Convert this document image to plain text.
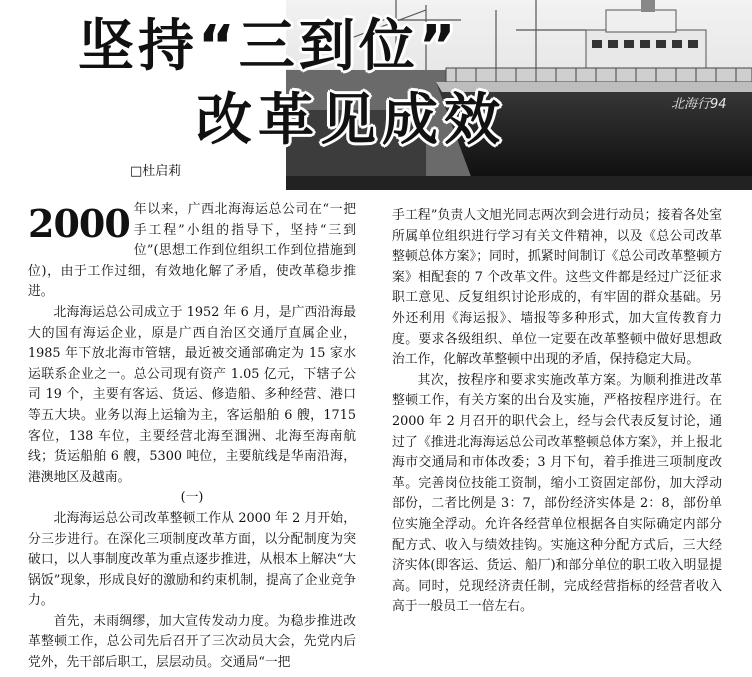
北海行94
坚持“三到位”
改革见成效
□杜启莉

2000 年以来，广西北海海运总公司在“一把手工程”小组的指导下，坚持“三到位”(思想工作到位组织工作到位措施到位)，由于工作过细，有效地化解了矛盾，使改革稳步推进。

北海海运总公司成立于 1952 年 6 月，是广西沿海最大的国有海运企业，原是广西自治区交通厅直属企业，1985 年下放北海市管辖，最近被交通部确定为 15 家水运联系企业之一。总公司现有资产 1.05 亿元，下辖子公司 19 个，主要有客运、货运、修造船、多种经营、港口等五大块。业务以海上运输为主，客运船舶 6 艘，1715 客位，138 车位，主要经营北海至涠洲、北海至海南航线；货运船舶 6 艘，5300 吨位，主要航线是华南沿海，港澳地区及越南。

(一)

北海海运总公司改革整顿工作从 2000 年 2 月开始，分三步进行。在深化三项制度改革方面，以分配制度为突破口，以人事制度改革为重点逐步推进，从根本上解决“大锅饭”现象，形成良好的激励和约束机制，提高了企业竞争力。

首先，未雨绸缪，加大宣传发动力度。为稳步推进改革整顿工作，总公司先后召开了三次动员大会，先党内后党外，先干部后职工，层层动员。交通局“一把

手工程”负责人文旭光同志两次到会进行动员；接着各处室所属单位组织进行学习有关文件精神，以及《总公司改革整顿总体方案》；同时，抓紧时间制订《总公司改革整顿方案》相配套的 7 个改革文件。这些文件都是经过广泛征求职工意见、反复组织讨论形成的，有牢固的群众基础。另外还利用《海运报》、墙报等多种形式，加大宣传教育力度。要求各级组织、单位一定要在改革整顿中做好思想政治工作，化解改革整顿中出现的矛盾，保持稳定大局。

其次，按程序和要求实施改革方案。为顺利推进改革整顿工作，有关方案的出台及实施，严格按程序进行。在 2000 年 2 月召开的职代会上，经与会代表反复讨论，通过了《推进北海海运总公司改革整顿总体方案》，并上报北海市交通局和市体改委；3 月下旬，着手推进三项制度改革。完善岗位技能工资制，缩小工资固定部份，加大浮动部份，二者比例是 3：7，部份经济实体是 2：8，部份单位实施全浮动。允许各经营单位根据各自实际确定内部分配方式、收入与绩效挂钩。实施这种分配方式后，三大经济实体(即客运、货运、船厂)和部分单位的职工收入明显提高。同时，兑现经济责任制，完成经营指标的经营者收入高于一般员工一倍左右。
